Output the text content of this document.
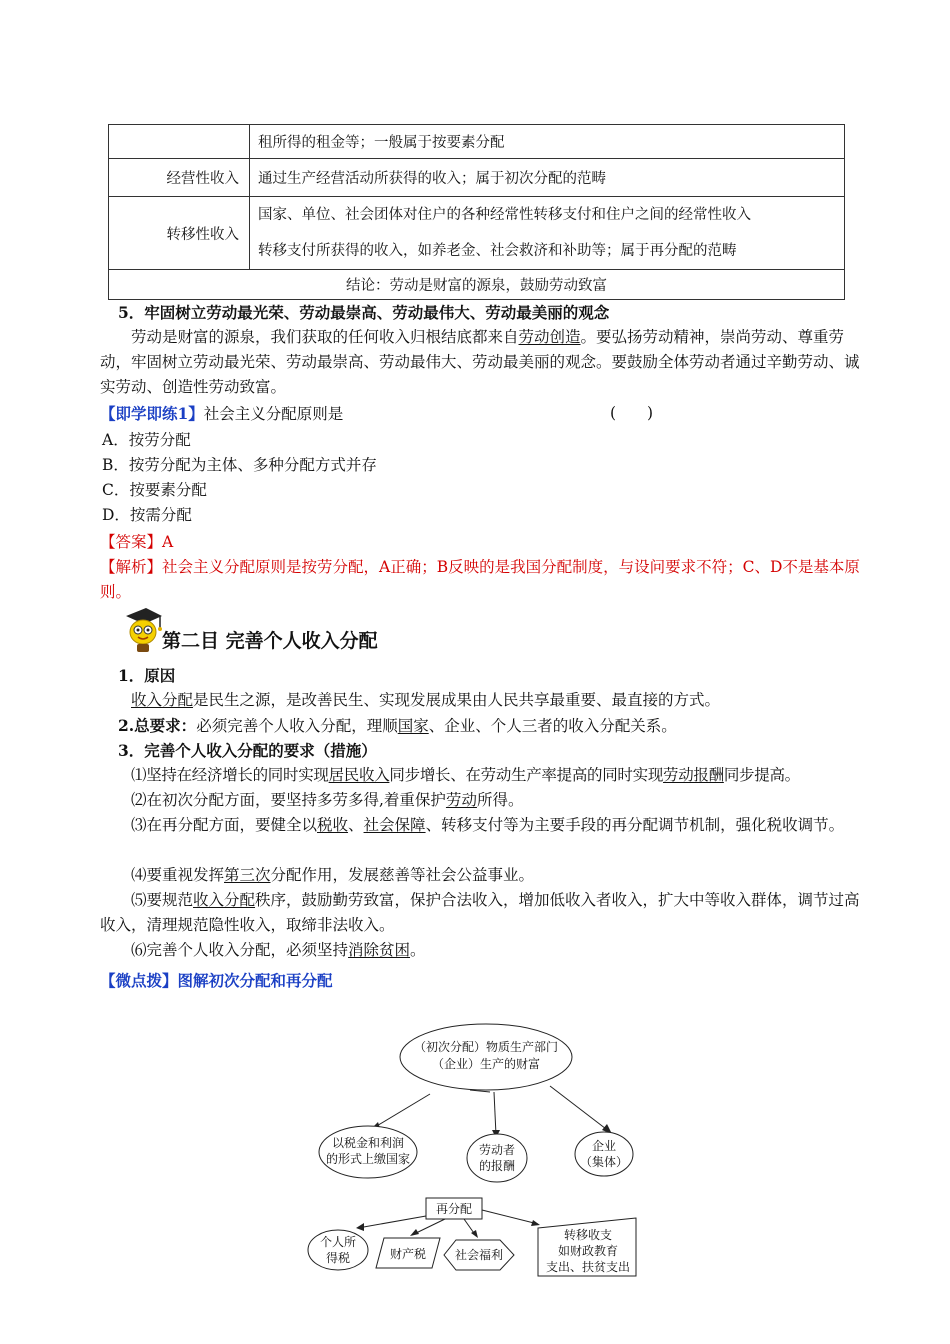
	租所得的租金等；一般属于按要素分配
经营性收入	通过生产经营活动所获得的收入；属于初次分配的范畴
转移性收入	国家、单位、社会团体对住户的各种经常性转移支付和住户之间的经常性收入
转移支付所获得的收入，如养老金、社会救济和补助等；属于再分配的范畴

结论：劳动是财富的源泉，鼓励劳动致富	
5．牢固树立劳动最光荣、劳动最崇高、劳动最伟大、劳动最美丽的观念
劳动是财富的源泉，我们获取的任何收入归根结底都来自劳动创造。要弘扬劳动精神，崇尚劳动、尊重劳动，牢固树立劳动最光荣、劳动最崇高、劳动最伟大、劳动最美丽的观念。要鼓励全体劳动者通过辛勤劳动、诚实劳动、创造性劳动致富。
【即学即练1】社会主义分配原则是	(　　)
A．按劳分配
B．按劳分配为主体、多种分配方式并存
C．按要素分配
D．按需分配
【答案】A
【解析】社会主义分配原则是按劳分配，A正确；B反映的是我国分配制度，与设问要求不符；C、D不是基本原则。
第二目 完善个人收入分配
1．原因
收入分配是民生之源，是改善民生、实现发展成果由人民共享最重要、最直接的方式。
2.总要求：必须完善个人收入分配，理顺国家、企业、个人三者的收入分配关系。
3．完善个人收入分配的要求（措施）
⑴坚持在经济增长的同时实现居民收入同步增长、在劳动生产率提高的同时实现劳动报酬同步提高。
⑵在初次分配方面，要坚持多劳多得,着重保护劳动所得。
⑶在再分配方面，要健全以税收、社会保障、转移支付等为主要手段的再分配调节机制，强化税收调节。
⑷要重视发挥第三次分配作用，发展慈善等社会公益事业。
⑸要规范收入分配秩序，鼓励勤劳致富，保护合法收入，增加低收入者收入，扩大中等收入群体，调节过高收入，清理规范隐性收入，取缔非法收入。
⑹完善个人收入分配，必须坚持消除贫困。
【微点拨】图解初次分配和再分配
（初次分配）物质生产部门
（企业）生产的财富
以税金和利润
的形式上缴国家
劳动者
的报酬
企业
（集体）
再分配
个人所
得税	财产税 社会福利
转移收支
如财政教育
支出、扶贫支出
